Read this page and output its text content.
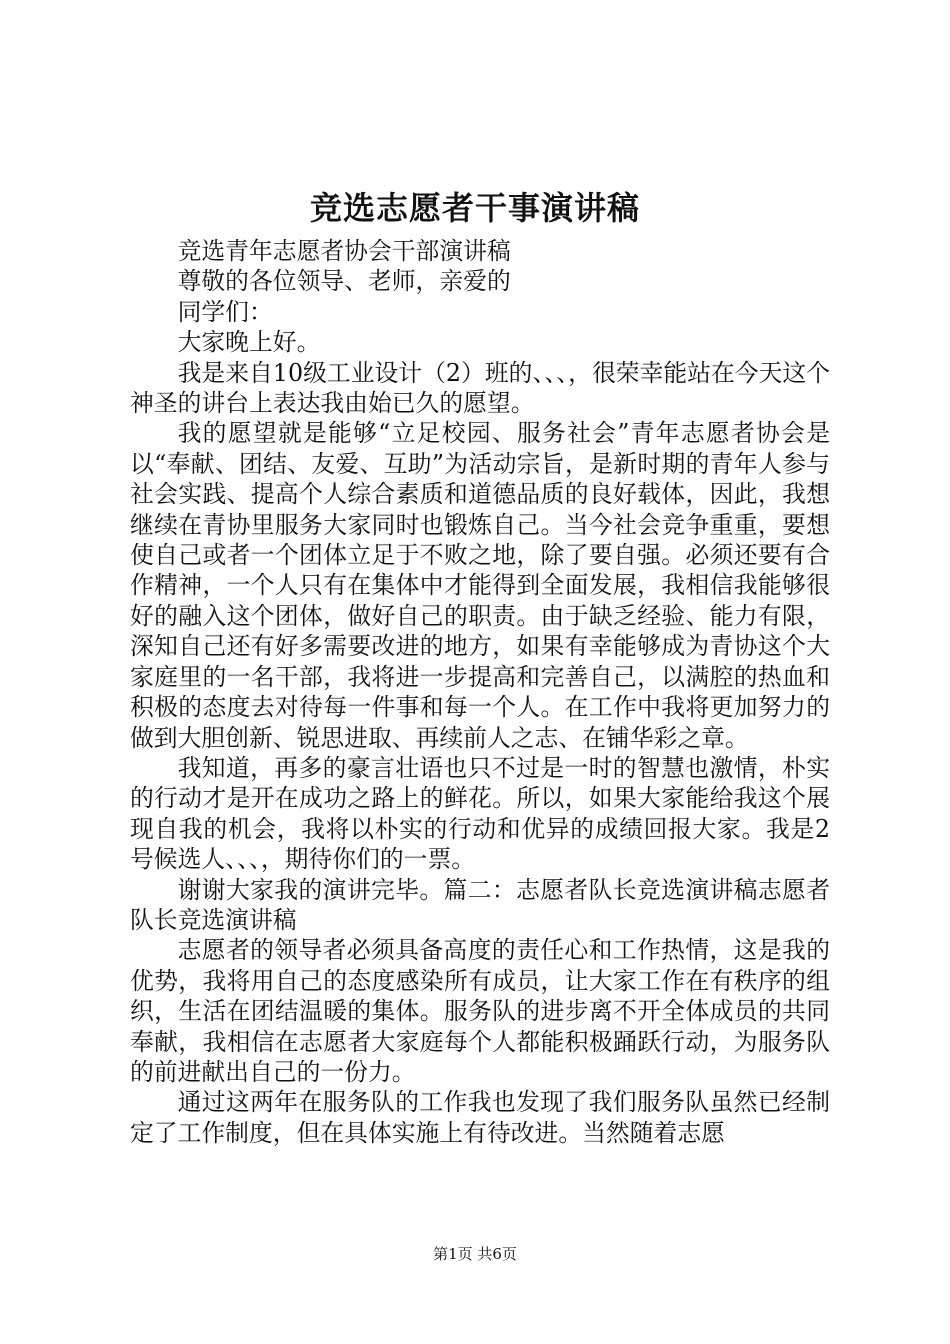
竞选志愿者干事演讲稿

竞选青年志愿者协会干部演讲稿

尊敬的各位领导、老师，亲爱的

同学们：

大家晚上好。

我是来自10级工业设计（2）班的、、、，很荣幸能站在今天这个神圣的讲台上表达我由始已久的愿望。

我的愿望就是能够“立足校园、服务社会”青年志愿者协会是以“奉献、团结、友爱、互助”为活动宗旨，是新时期的青年人参与社会实践、提高个人综合素质和道德品质的良好载体，因此，我想继续在青协里服务大家同时也锻炼自己。当今社会竞争重重，要想使自己或者一个团体立足于不败之地，除了要自强。必须还要有合作精神，一个人只有在集体中才能得到全面发展，我相信我能够很好的融入这个团体，做好自己的职责。由于缺乏经验、能力有限，深知自己还有好多需要改进的地方，如果有幸能够成为青协这个大家庭里的一名干部，我将进一步提高和完善自己，以满腔的热血和积极的态度去对待每一件事和每一个人。在工作中我将更加努力的做到大胆创新、锐思进取、再续前人之志、在铺华彩之章。

我知道，再多的豪言壮语也只不过是一时的智慧也激情，朴实的行动才是开在成功之路上的鲜花。所以，如果大家能给我这个展现自我的机会，我将以朴实的行动和优异的成绩回报大家。我是2号候选人、、、，期待你们的一票。

谢谢大家我的演讲完毕。篇二：志愿者队长竞选演讲稿志愿者队长竞选演讲稿

志愿者的领导者必须具备高度的责任心和工作热情，这是我的优势，我将用自己的态度感染所有成员，让大家工作在有秩序的组织，生活在团结温暖的集体。服务队的进步离不开全体成员的共同奉献，我相信在志愿者大家庭每个人都能积极踊跃行动，为服务队的前进献出自己的一份力。

通过这两年在服务队的工作我也发现了我们服务队虽然已经制定了工作制度，但在具体实施上有待改进。当然随着志愿

第1页 共6页
